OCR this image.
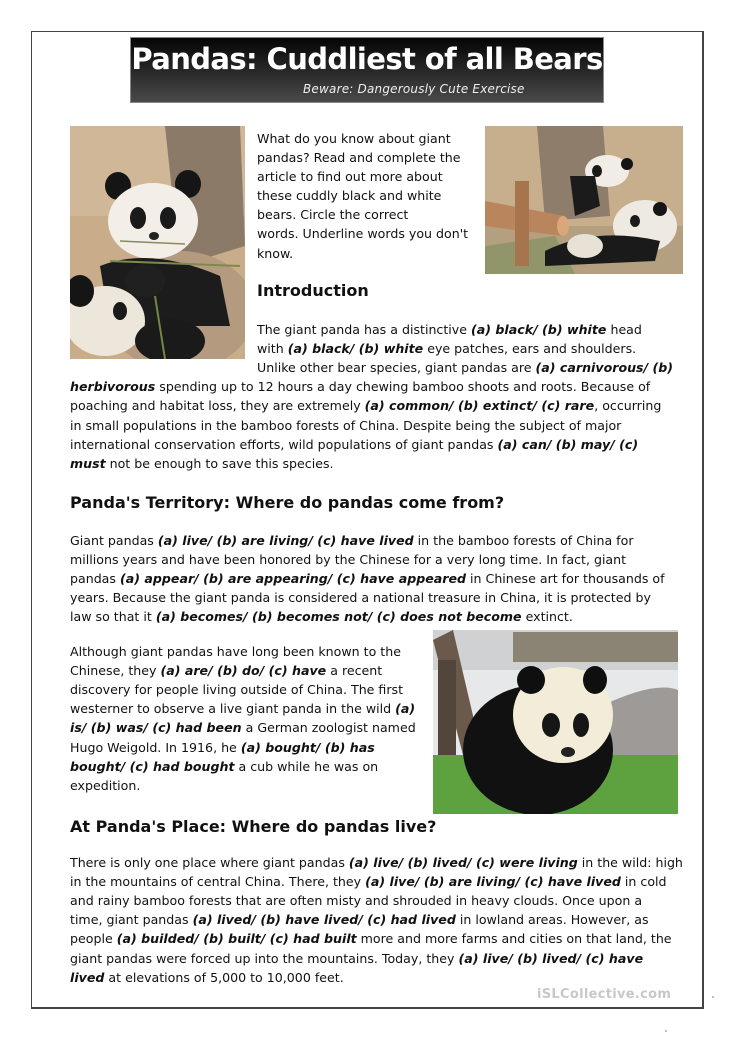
Pandas: Cuddliest of all Bears
Beware: Dangerously Cute Exercise
What do you know about giant
pandas? Read and complete the
article to find out more about
these cuddly black and white
bears. Circle the correct
words. Underline words you don't
know.
Introduction
Panda's Territory: Where do pandas come from?
At Panda's Place: Where do pandas live?
iSLCollective.com
The giant panda has a distinctive (a) black/ (b) white head
with (a) black/ (b) white eye patches, ears and shoulders.
Unlike other bear species, giant pandas are (a) carnivorous/ (b)
herbivorous spending up to 12 hours a day chewing bamboo shoots and roots. Because of
poaching and habitat loss, they are extremely (a) common/ (b) extinct/ (c) rare, occurring
in small populations in the bamboo forests of China. Despite being the subject of major
international conservation efforts, wild populations of giant pandas (a) can/ (b) may/ (c)
must not be enough to save this species.
Giant pandas (a) live/ (b) are living/ (c) have lived in the bamboo forests of China for
millions years and have been honored by the Chinese for a very long time. In fact, giant
pandas (a) appear/ (b) are appearing/ (c) have appeared in Chinese art for thousands of
years. Because the giant panda is considered a national treasure in China, it is protected by
law so that it (a) becomes/ (b) becomes not/ (c) does not become extinct.
Although giant pandas have long been known to the
Chinese, they (a) are/ (b) do/ (c) have a recent
discovery for people living outside of China. The first
westerner to observe a live giant panda in the wild (a)
is/ (b) was/ (c) had been a German zoologist named
Hugo Weigold. In 1916, he (a) bought/ (b) has
bought/ (c) had bought a cub while he was on
expedition.
There is only one place where giant pandas (a) live/ (b) lived/ (c) were living in the wild: high
in the mountains of central China. There, they (a) live/ (b) are living/ (c) have lived in cold
and rainy bamboo forests that are often misty and shrouded in heavy clouds. Once upon a
time, giant pandas (a) lived/ (b) have lived/ (c) had lived in lowland areas. However, as
people (a) builded/ (b) built/ (c) had built more and more farms and cities on that land, the
giant pandas were forced up into the mountains. Today, they (a) live/ (b) lived/ (c) have
lived at elevations of 5,000 to 10,000 feet.
